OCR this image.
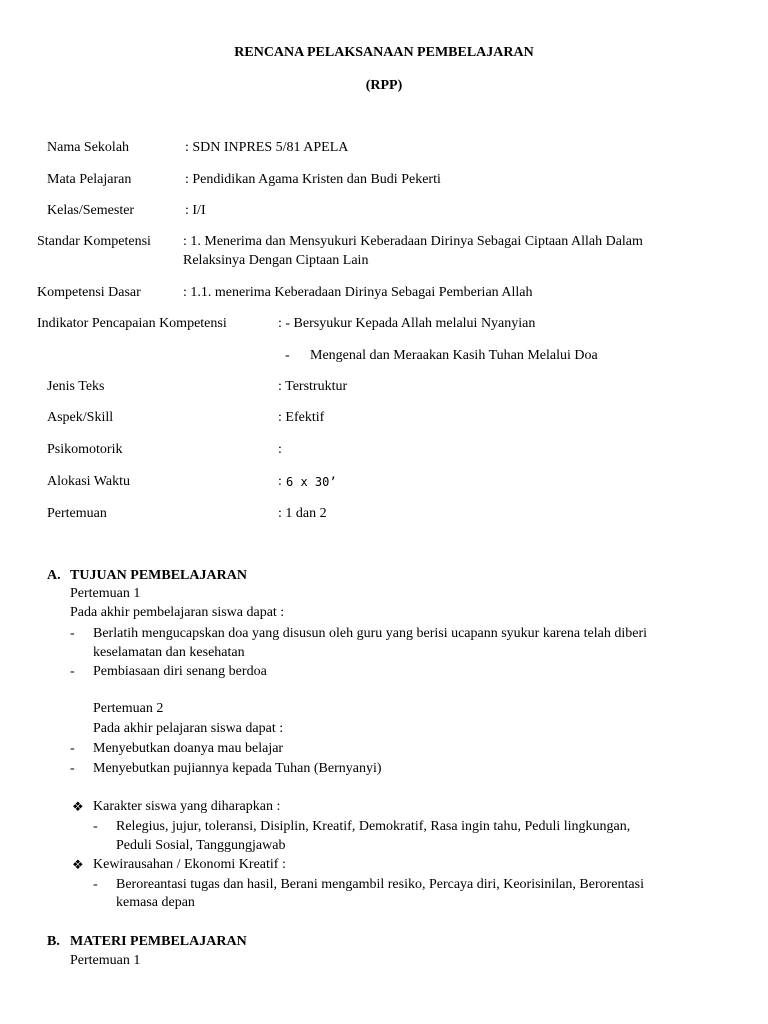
RENCANA PELAKSANAAN PEMBELAJARAN
(RPP)
Nama Sekolah	: SDN INPRES 5/81 APELA
Mata Pelajaran	: Pendidikan Agama Kristen dan Budi Pekerti
Kelas/Semester	: I/I
Standar Kompetensi : 1. Menerima dan Mensyukuri Keberadaan Dirinya Sebagai Ciptaan Allah Dalam
Relaksinya Dengan Ciptaan Lain
Kompetensi Dasar	: 1.1. menerima Keberadaan Dirinya Sebagai Pemberian Allah
Indikator Pencapaian Kompetensi	: - Bersyukur Kepada Allah melalui Nyanyian
- Mengenal dan Meraakan Kasih Tuhan Melalui Doa
Jenis Teks	: Terstruktur
Aspek/Skill	: Efektif
Psikomotorik	:
Alokasi Waktu	: 6 x 30’
Pertemuan	: 1 dan 2
A. TUJUAN PEMBELAJARAN
Pertemuan 1
Pada akhir pembelajaran siswa dapat :
- Berlatih mengucapskan doa yang disusun oleh guru yang berisi ucapann syukur karena telah diberi
keselamatan dan kesehatan
- Pembiasaan diri senang berdoa
Pertemuan 2
Pada akhir pelajaran siswa dapat :
- Menyebutkan doanya mau belajar
- Menyebutkan pujiannya kepada Tuhan (Bernyanyi)
❖ Karakter siswa yang diharapkan :
- Relegius, jujur, toleransi, Disiplin, Kreatif, Demokratif, Rasa ingin tahu, Peduli lingkungan,
Peduli Sosial, Tanggungjawab
❖ Kewirausahan / Ekonomi Kreatif :
- Beroreantasi tugas dan hasil, Berani mengambil resiko, Percaya diri, Keorisinilan, Berorentasi
kemasa depan
B. MATERI PEMBELAJARAN
Pertemuan 1
